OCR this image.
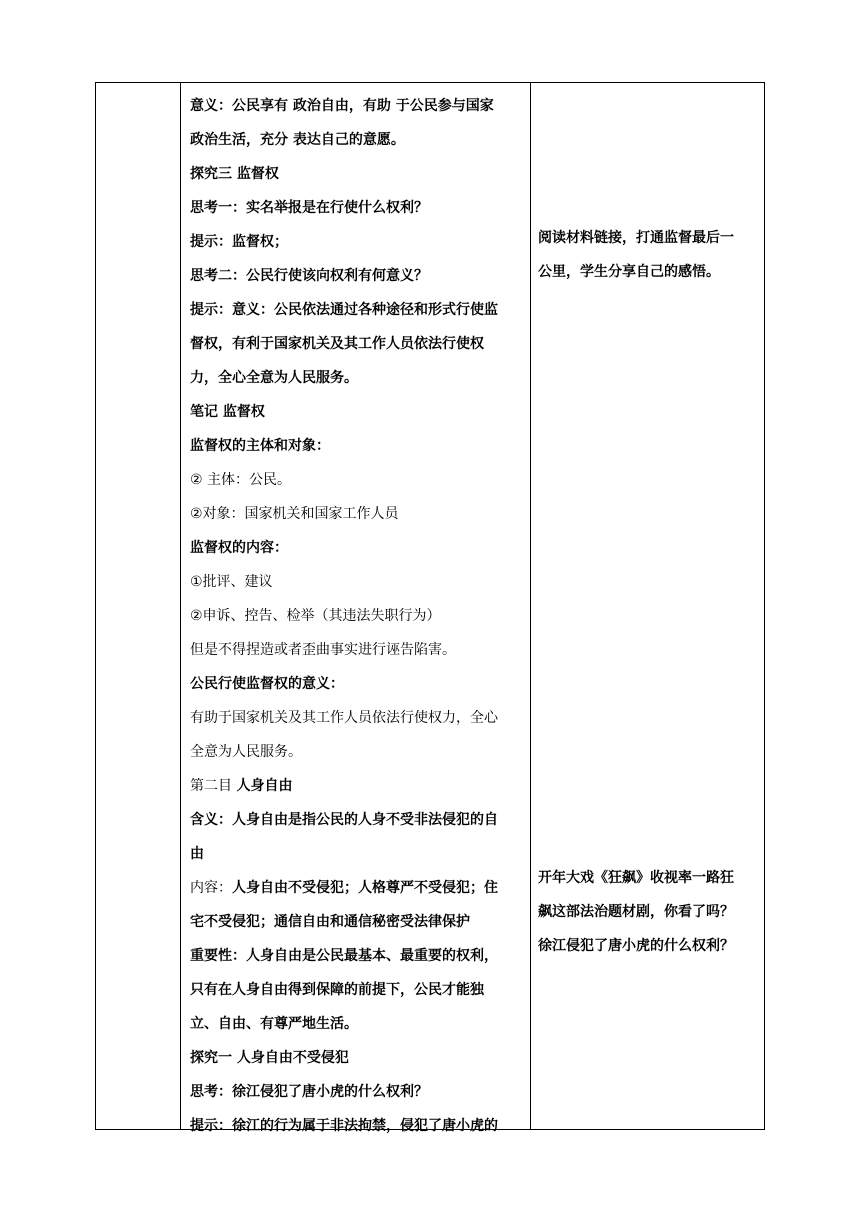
意义：公民享有 政治自由，有助 于公民参与国家
政治生活，充分 表达自己的意愿。
探究三 监督权
思考一：实名举报是在行使什么权利？
提示：监督权；
思考二：公民行使该向权利有何意义？
提示：意义：公民依法通过各种途径和形式行使监
督权，有利于国家机关及其工作人员依法行使权
力，全心全意为人民服务。
笔记 监督权
监督权的主体和对象：
② 主体：公民。
②对象：国家机关和国家工作人员
监督权的内容：
①批评、建议
②申诉、控告、检举（其违法失职行为）
但是不得捏造或者歪曲事实进行诬告陷害。
公民行使监督权的意义：
有助于国家机关及其工作人员依法行使权力，全心
全意为人民服务。
第二目 人身自由
含义：人身自由是指公民的人身不受非法侵犯的自
由
内容：人身自由不受侵犯；人格尊严不受侵犯；住
宅不受侵犯；通信自由和通信秘密受法律保护
重要性：人身自由是公民最基本、最重要的权利，
只有在人身自由得到保障的前提下，公民才能独
立、自由、有尊严地生活。
探究一 人身自由不受侵犯
思考：徐江侵犯了唐小虎的什么权利？
提示：徐江的行为属于非法拘禁，侵犯了唐小虎的
阅读材料链接，打通监督最后一
公里，学生分享自己的感悟。
开年大戏《狂飙》收视率一路狂
飙这部法治题材剧，你看了吗？
徐江侵犯了唐小虎的什么权利？
